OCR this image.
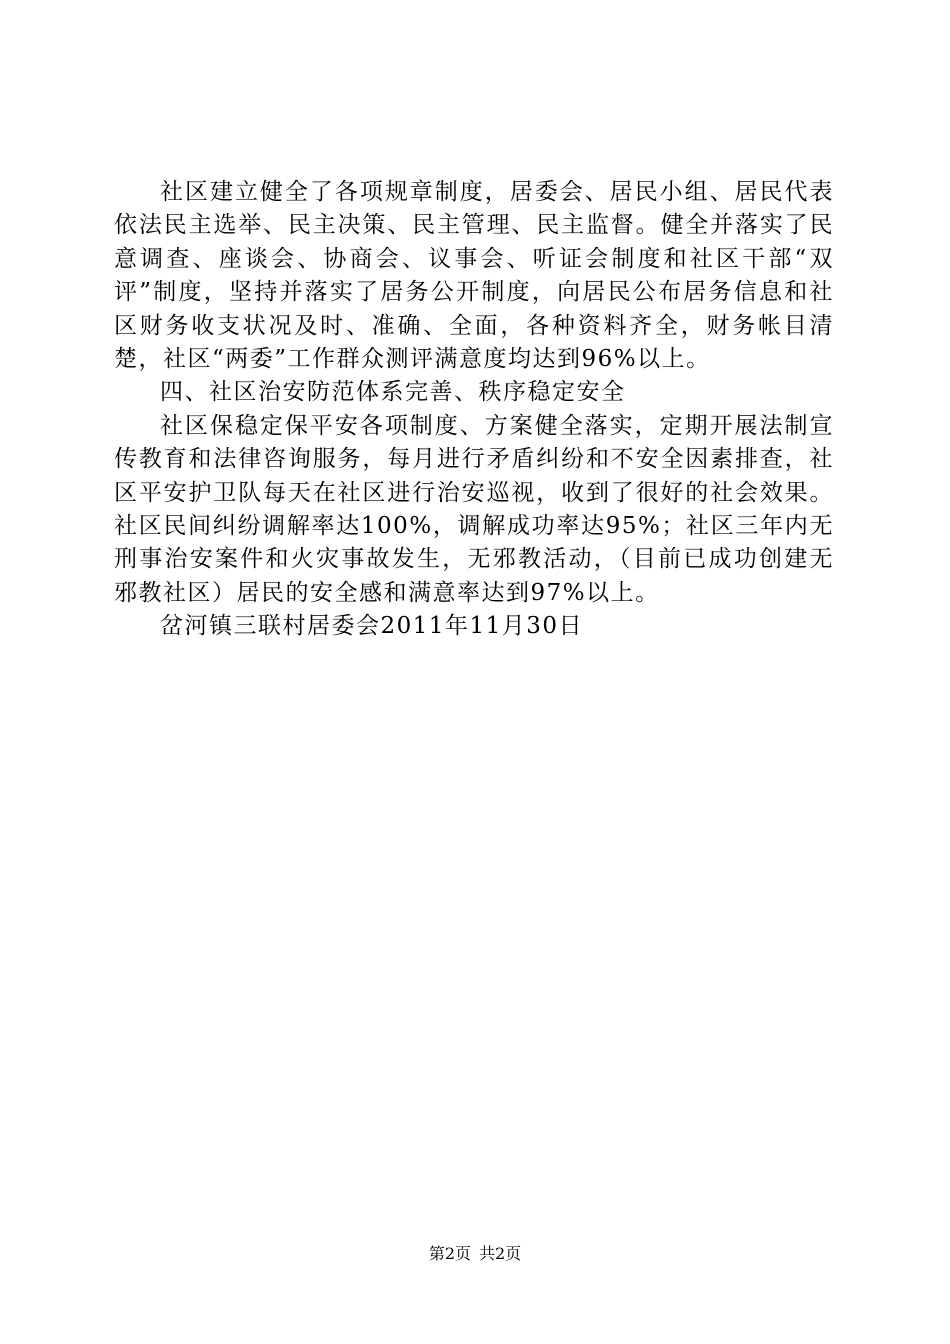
社区建立健全了各项规章制度，居委会、居民小组、居民代表依法民主选举、民主决策、民主管理、民主监督。健全并落实了民意调查、座谈会、协商会、议事会、听证会制度和社区干部“双评”制度，坚持并落实了居务公开制度，向居民公布居务信息和社区财务收支状况及时、准确、全面，各种资料齐全，财务帐目清楚，社区“两委”工作群众测评满意度均达到96%以上。

四、社区治安防范体系完善、秩序稳定安全

社区保稳定保平安各项制度、方案健全落实，定期开展法制宣传教育和法律咨询服务，每月进行矛盾纠纷和不安全因素排查，社区平安护卫队每天在社区进行治安巡视，收到了很好的社会效果。社区民间纠纷调解率达100%，调解成功率达95%；社区三年内无刑事治安案件和火灾事故发生，无邪教活动，（目前已成功创建无邪教社区）居民的安全感和满意率达到97%以上。

岔河镇三联村居委会2011年11月30日

第2页 共2页
